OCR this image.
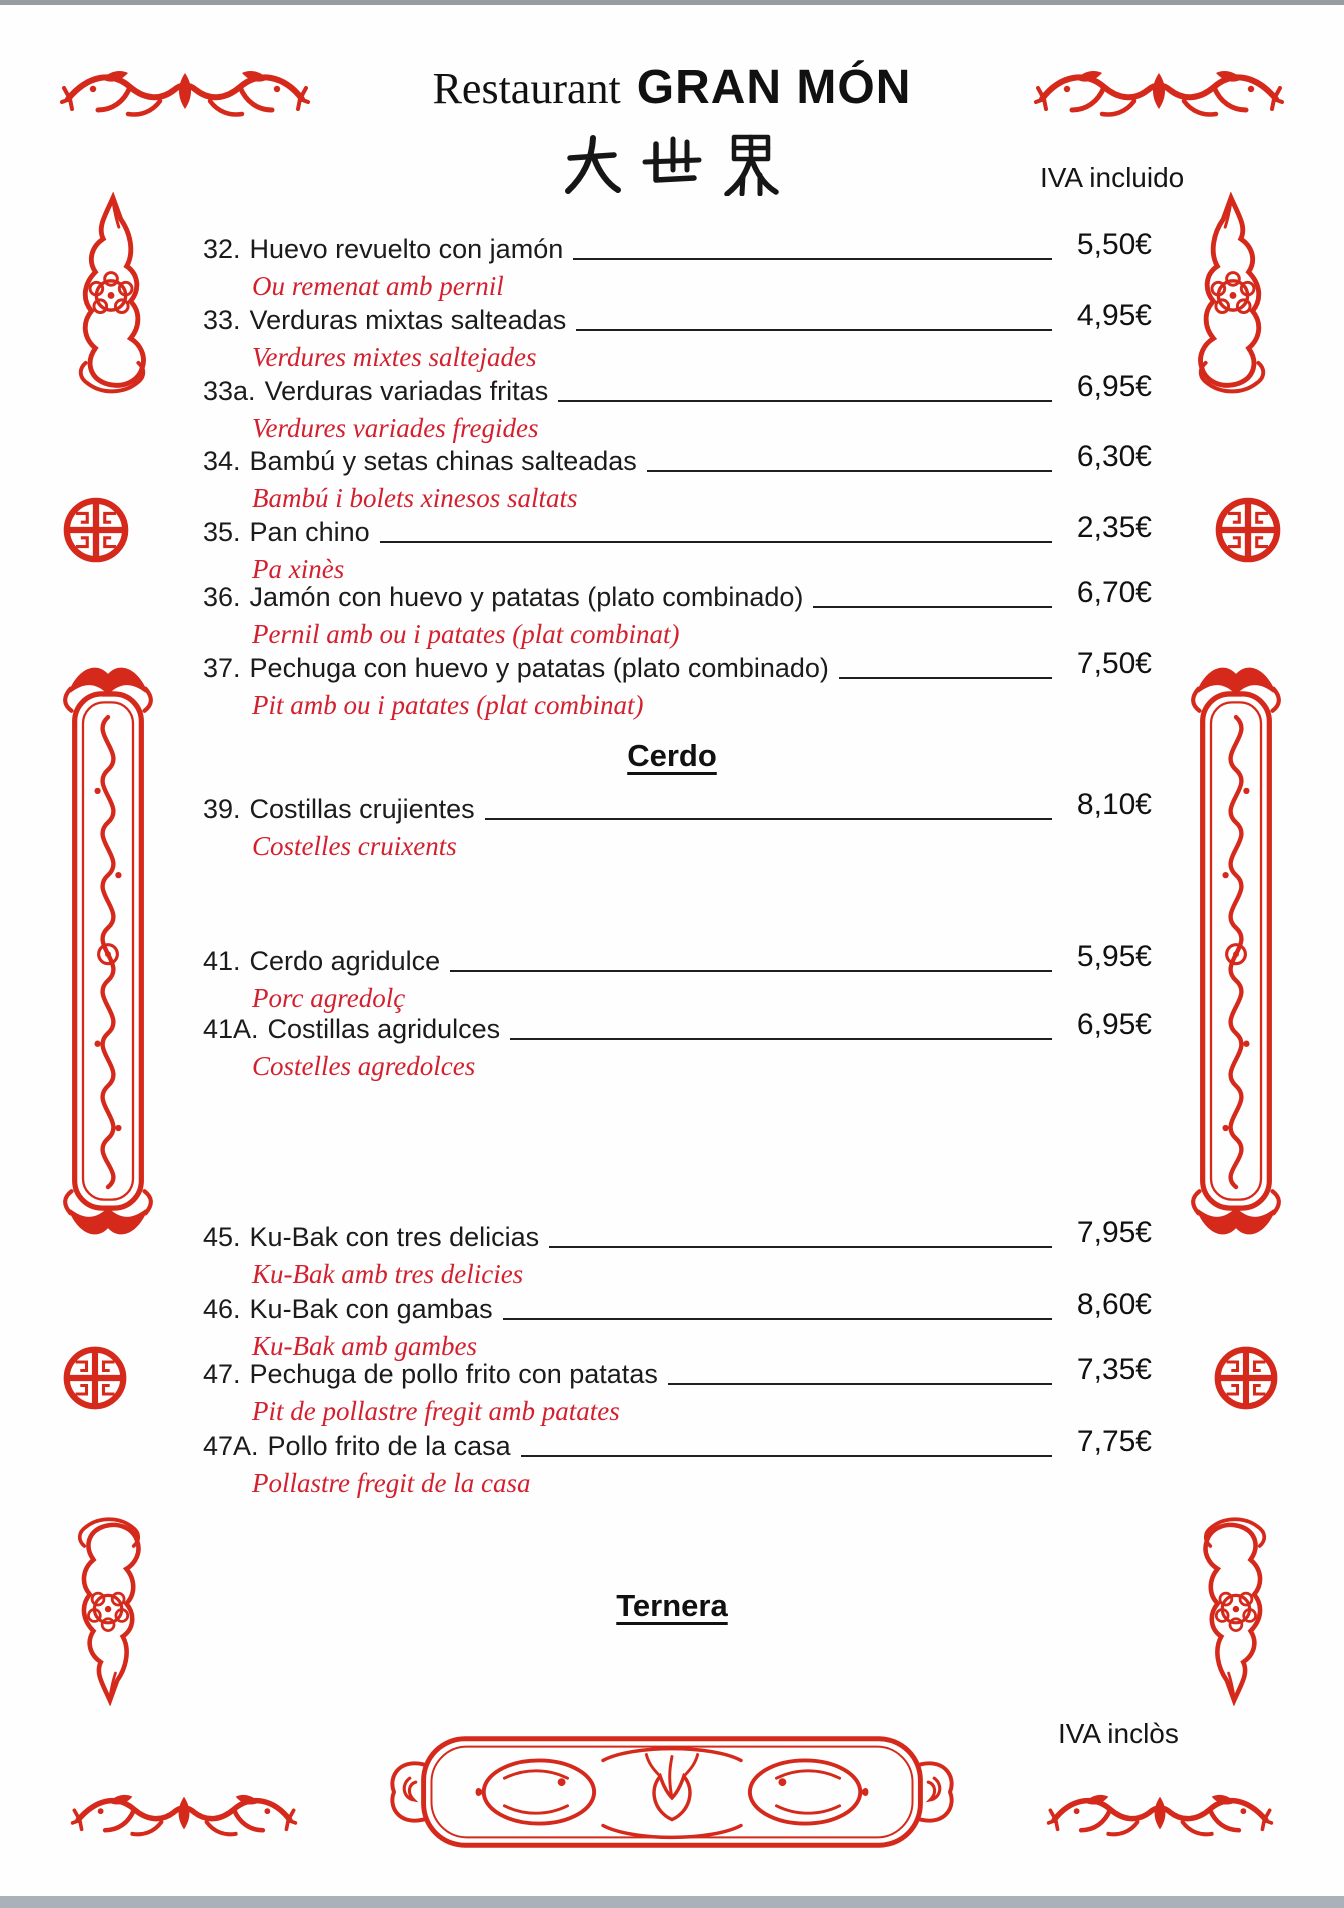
Restaurant GRAN MÓN
IVA incluido
32. Huevo revuelto con jamón
Ou remenat amb pernil
5,50€
33. Verduras mixtas salteadas
Verdures mixtes saltejades
4,95€
33a. Verduras variadas fritas
Verdures variades fregides
6,95€
34. Bambú y setas chinas salteadas
Bambú i bolets xinesos saltats
6,30€
35. Pan chino
Pa xinès
2,35€
36. Jamón con huevo y patatas (plato combinado)
Pernil amb ou i patates (plat combinat)
6,70€
37. Pechuga con huevo y patatas (plato combinado)
Pit amb ou i patates (plat combinat)
7,50€
Cerdo
39. Costillas crujientes
Costelles cruixents
8,10€
41. Cerdo agridulce
Porc agredolç
5,95€
41A. Costillas agridulces
Costelles agredolces
6,95€
45. Ku-Bak con tres delicias
Ku-Bak amb tres delicies
7,95€
46. Ku-Bak con gambas
Ku-Bak amb gambes
8,60€
47. Pechuga de pollo frito con patatas
Pit de pollastre fregit amb patates
7,35€
47A. Pollo frito de la casa
Pollastre fregit de la casa
7,75€
Ternera
IVA inclòs
